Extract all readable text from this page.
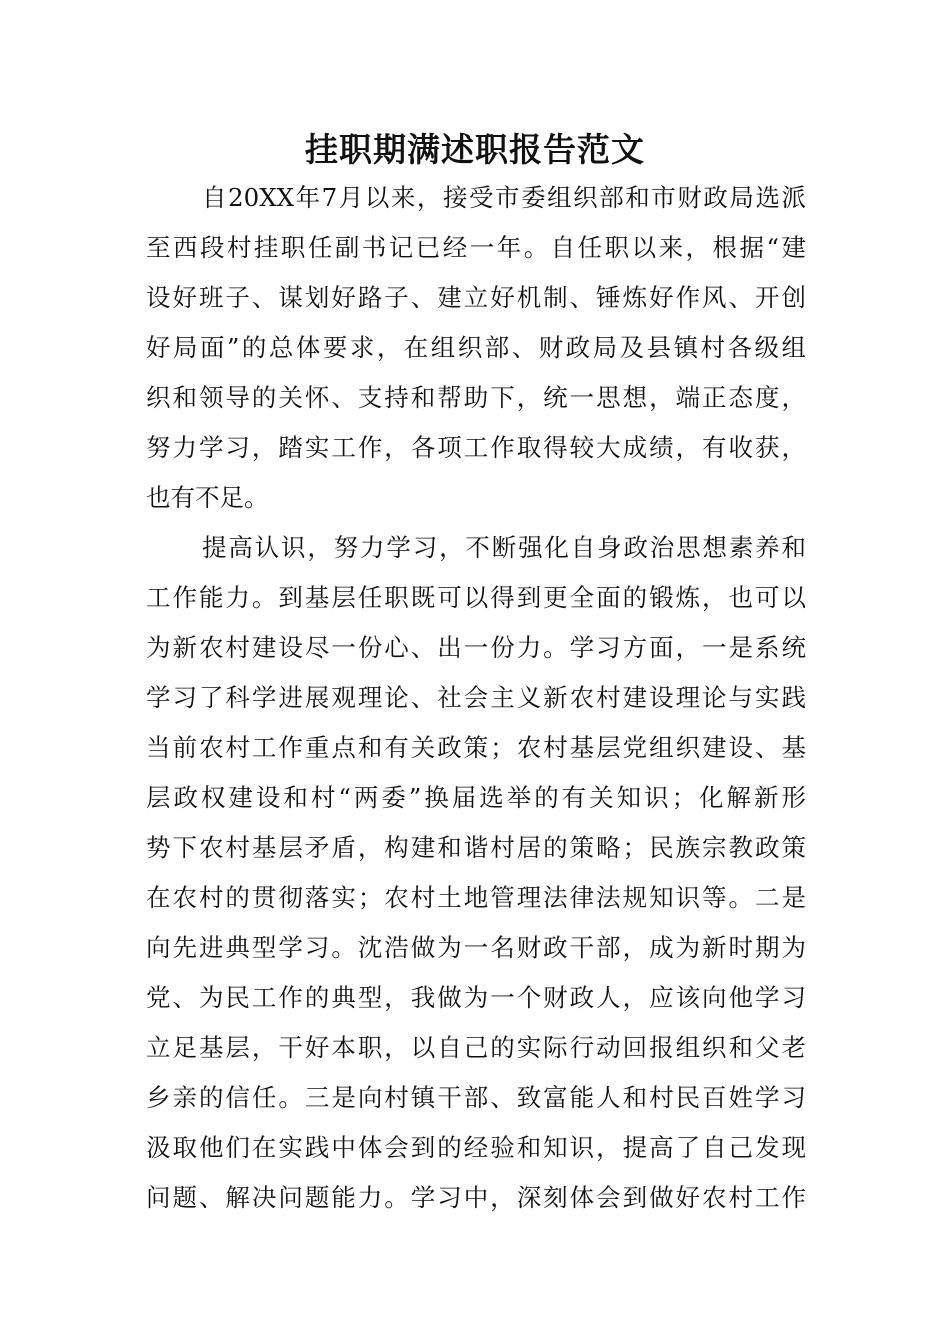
挂职期满述职报告范文
自20XX年7月以来，接受市委组织部和市财政局选派
至西段村挂职任副书记已经一年。自任职以来，根据“建
设好班子、谋划好路子、建立好机制、锤炼好作风、开创
好局面”的总体要求，在组织部、财政局及县镇村各级组
织和领导的关怀、支持和帮助下，统一思想，端正态度，
努力学习，踏实工作，各项工作取得较大成绩，有收获，
也有不足。
提高认识，努力学习，不断强化自身政治思想素养和
工作能力。到基层任职既可以得到更全面的锻炼，也可以
为新农村建设尽一份心、出一份力。学习方面，一是系统
学习了科学进展观理论、社会主义新农村建设理论与实践
当前农村工作重点和有关政策；农村基层党组织建设、基
层政权建设和村“两委”换届选举的有关知识；化解新形
势下农村基层矛盾，构建和谐村居的策略；民族宗教政策
在农村的贯彻落实；农村土地管理法律法规知识等。二是
向先进典型学习。沈浩做为一名财政干部，成为新时期为
党、为民工作的典型，我做为一个财政人，应该向他学习
立足基层，干好本职，以自己的实际行动回报组织和父老
乡亲的信任。三是向村镇干部、致富能人和村民百姓学习
汲取他们在实践中体会到的经验和知识，提高了自己发现
问题、解决问题能力。学习中，深刻体会到做好农村工作
